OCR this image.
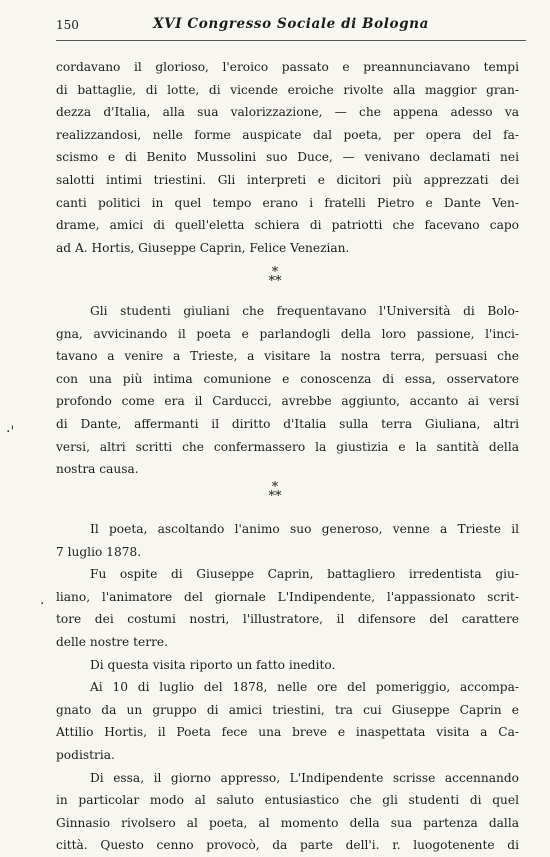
150	XVI Congresso Sociale di Bologna
cordavano il glorioso, l'eroico passato e preannunciavano tempi
di battaglie, di lotte, di vicende eroiche rivolte alla maggior gran-
dezza d'Italia, alla sua valorizzazione, — che appena adesso va
realizzandosi, nelle forme auspicate dal poeta, per opera del fa-
scismo e di Benito Mussolini suo Duce, — venivano declamati nei
salotti intimi triestini. Gli interpreti e dicitori più apprezzati dei
canti politici in quel tempo erano i fratelli Pietro e Dante Ven-
drame, amici di quell'eletta schiera di patriotti che facevano capo
ad A. Hortis, Giuseppe Caprin, Felice Venezian.
*
**
Gli studenti giuliani che frequentavano l'Università di Bolo-
gna, avvicinando il poeta e parlandogli della loro passione, l'inci-
tavano a venire a Trieste, a visitare la nostra terra, persuasi che
con una più intima comunione e conoscenza di essa, osservatore
profondo come era il Carducci, avrebbe aggiunto, accanto ai versi
di Dante, affermanti il diritto d'Italia sulla terra Giuliana, altri
versi, altri scritti che confermassero la giustizia e la santità della
nostra causa.
*
**
Il poeta, ascoltando l'animo suo generoso, venne a Trieste il
7 luglio 1878.
Fu ospite di Giuseppe Caprin, battagliero irredentista giu-
liano, l'animatore del giornale L'Indipendente, l'appassionato scrit-
tore dei costumi nostri, l'illustratore, il difensore del carattere
delle nostre terre.
Di questa visita riporto un fatto inedito.
Ai 10 di luglio del 1878, nelle ore del pomeriggio, accompa-
gnato da un gruppo di amici triestini, tra cui Giuseppe Caprin e
Attilio Hortis, il Poeta fece una breve e inaspettata visita a Ca-
podistria.
Di essa, il giorno appresso, L'Indipendente scrisse accennando
in particolar modo al saluto entusiastico che gli studenti di quel
Ginnasio rivolsero al poeta, al momento della sua partenza dalla
città. Questo cenno provocò, da parte dell'i. r. luogotenente di
·'
·
